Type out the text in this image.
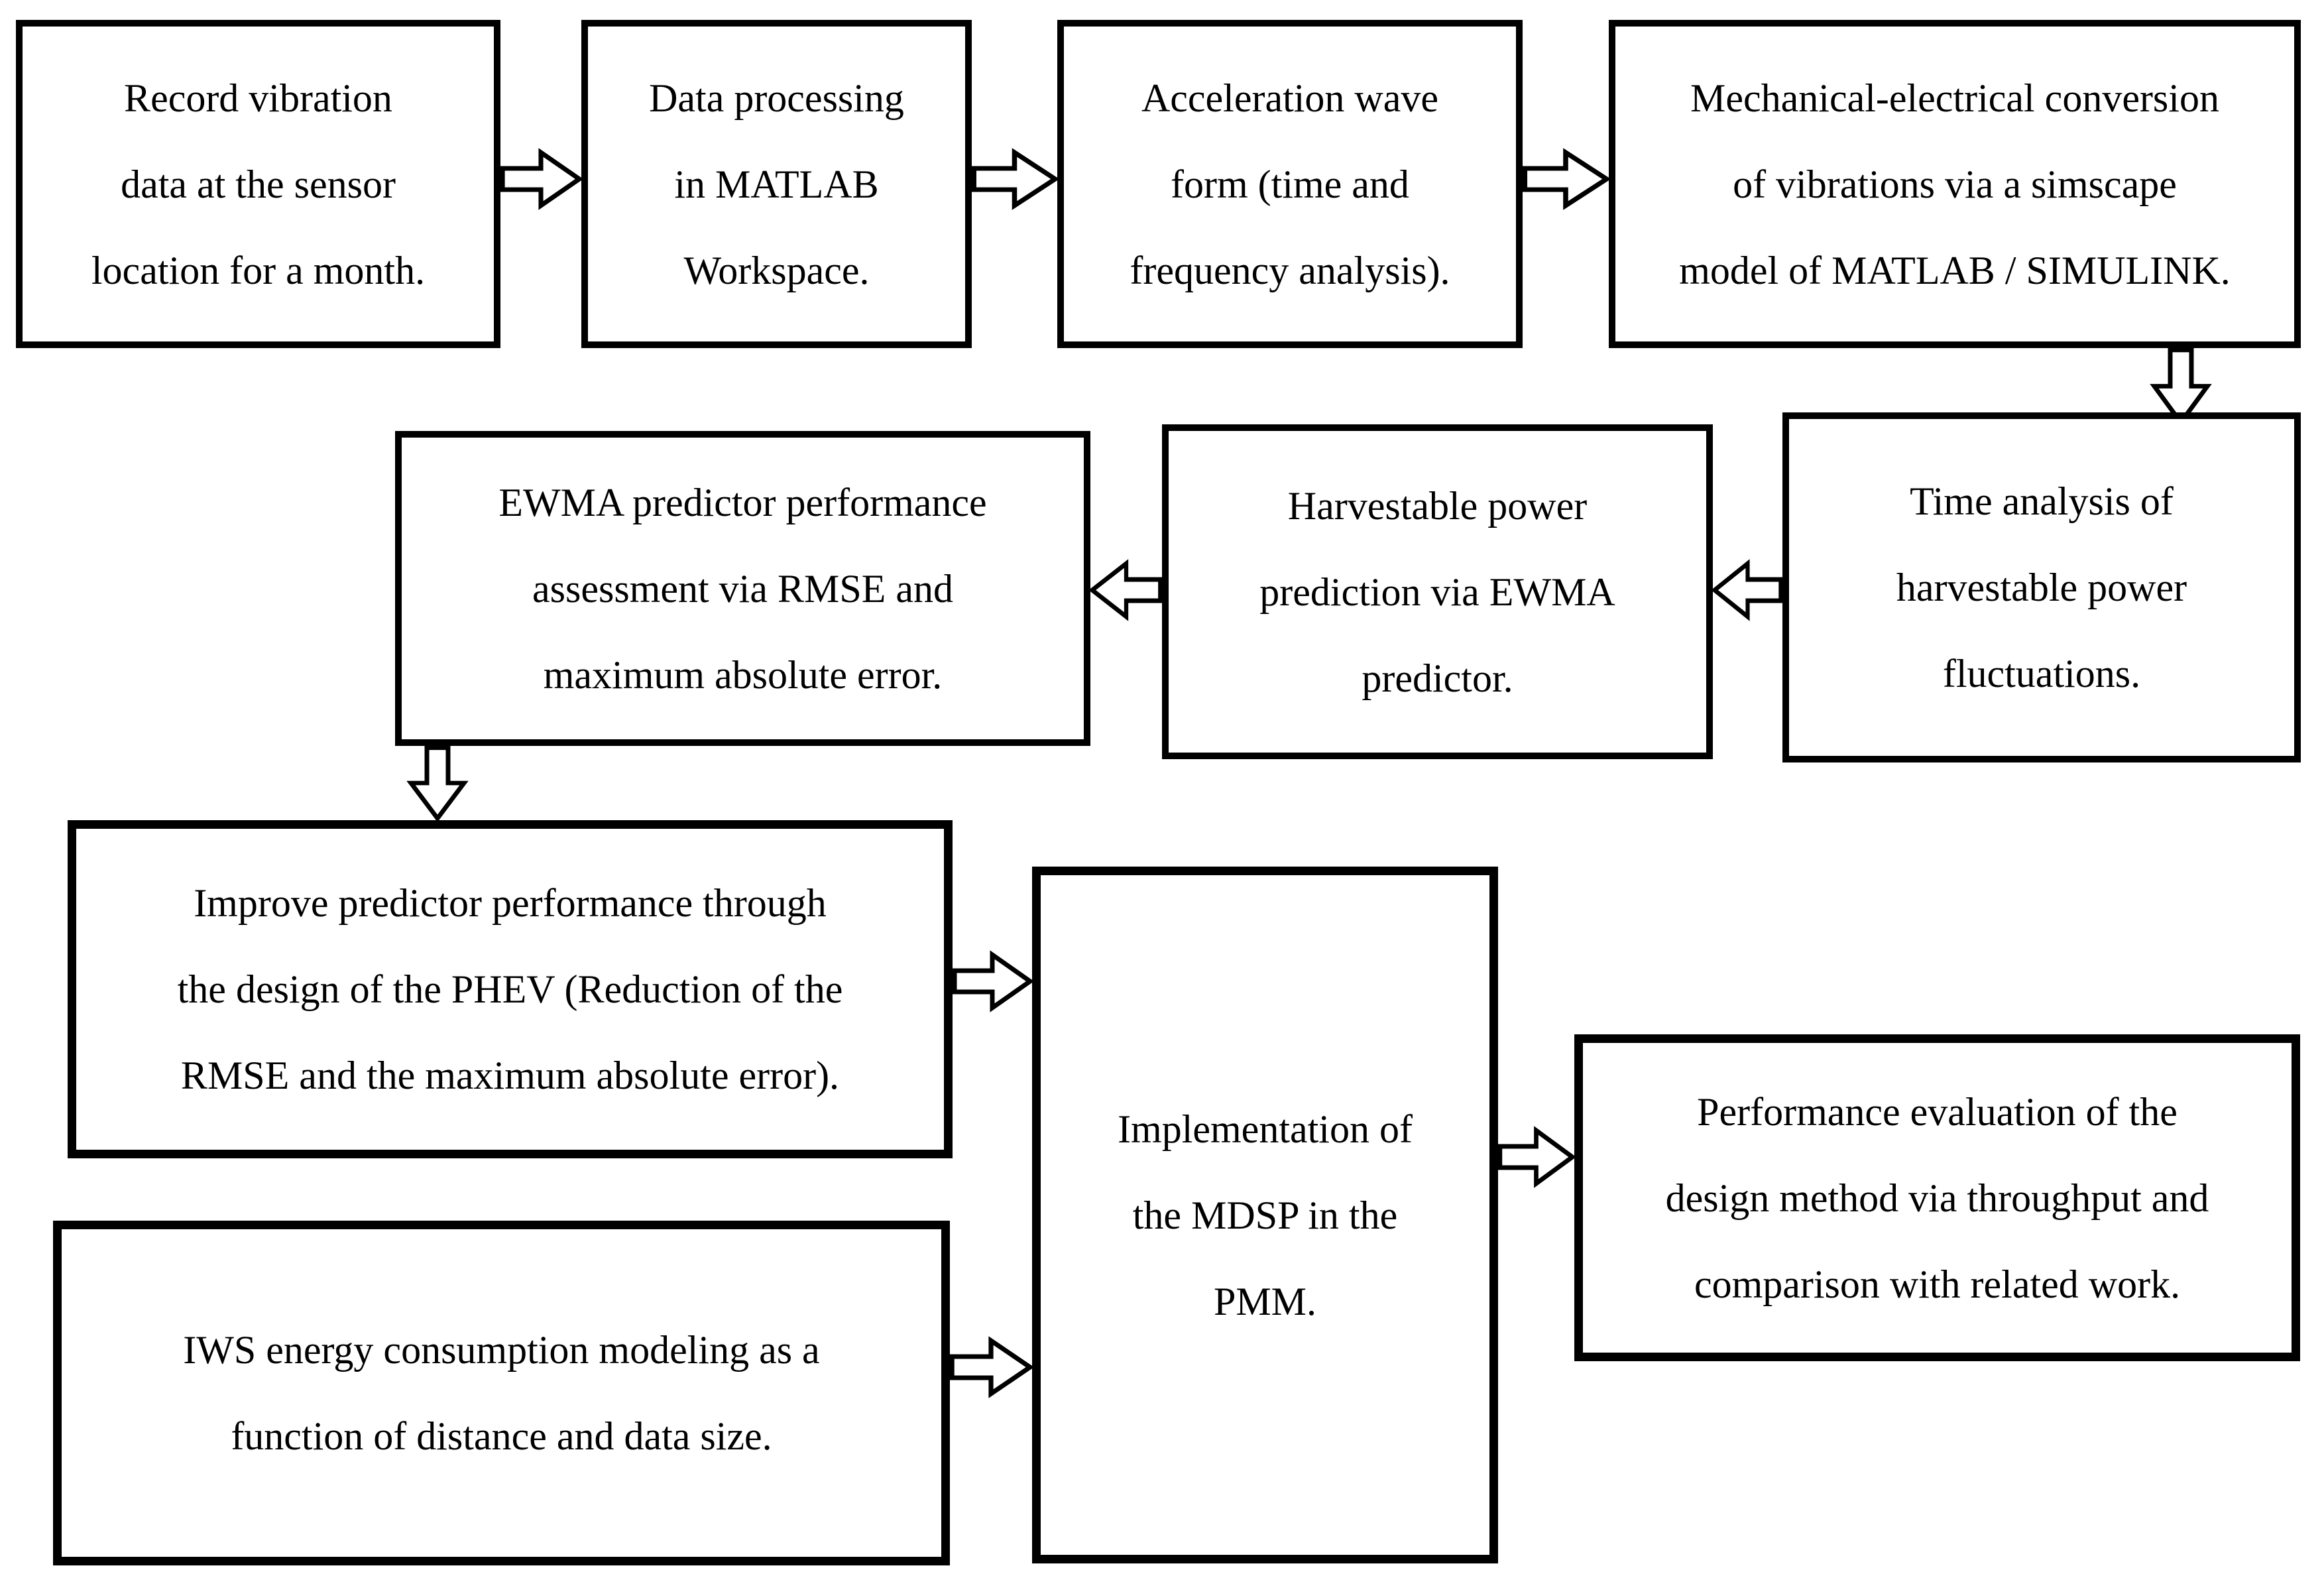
Record vibration
data at the sensor
location for a month.
Data processing
in MATLAB
Workspace.
Acceleration wave
form (time and
frequency analysis).
Mechanical-electrical conversion
of vibrations via a simscape
model of MATLAB / SIMULINK.
Time analysis of
harvestable power
fluctuations.
Harvestable power
prediction via EWMA
predictor.
EWMA predictor performance
assessment via RMSE and
maximum absolute error.
Improve predictor performance through
the design of the PHEV (Reduction of the
RMSE and the maximum absolute error).
Implementation of
the MDSP in the
PMM.
Performance evaluation of the
design method via throughput and
comparison with related work.
IWS energy consumption modeling as a
function of distance and data size.
